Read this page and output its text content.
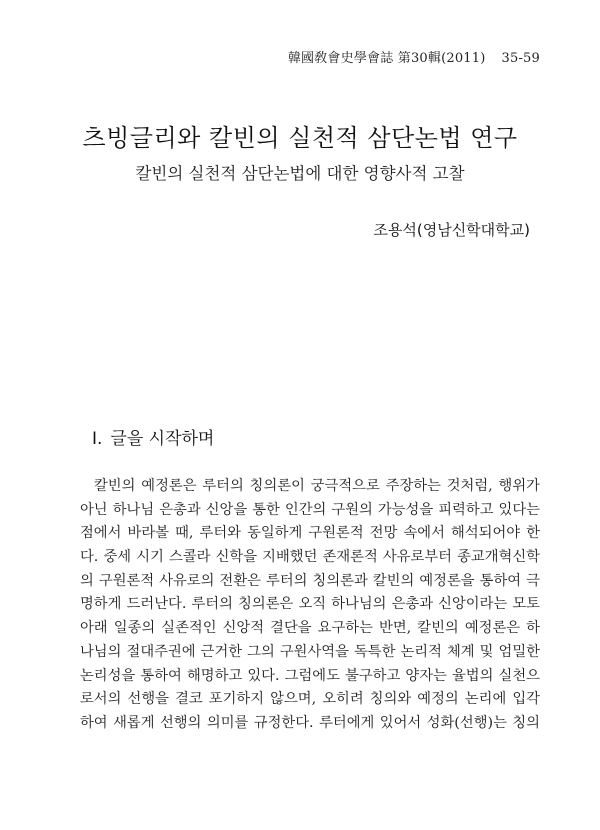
韓國敎會史學會誌 第30輯(2011) 35-59
츠빙글리와 칼빈의 실천적 삼단논법 연구
칼빈의 실천적 삼단논법에 대한 영향사적 고찰
조용석(영남신학대학교)
Ⅰ. 글을 시작하며
칼빈의 예정론은 루터의 칭의론이 궁극적으로 주장하는 것처럼, 행위가
아닌 하나님 은총과 신앙을 통한 인간의 구원의 가능성을 피력하고 있다는
점에서 바라볼 때, 루터와 동일하게 구원론적 전망 속에서 해석되어야 한
다. 중세 시기 스콜라 신학을 지배했던 존재론적 사유로부터 종교개혁신학
의 구원론적 사유로의 전환은 루터의 칭의론과 칼빈의 예정론을 통하여 극
명하게 드러난다. 루터의 칭의론은 오직 하나님의 은총과 신앙이라는 모토
아래 일종의 실존적인 신앙적 결단을 요구하는 반면, 칼빈의 예정론은 하
나님의 절대주권에 근거한 그의 구원사역을 독특한 논리적 체계 및 엄밀한
논리성을 통하여 해명하고 있다. 그럼에도 불구하고 양자는 율법의 실천으
로서의 선행을 결코 포기하지 않으며, 오히려 칭의와 예정의 논리에 입각
하여 새롭게 선행의 의미를 규정한다. 루터에게 있어서 성화(선행)는 칭의
